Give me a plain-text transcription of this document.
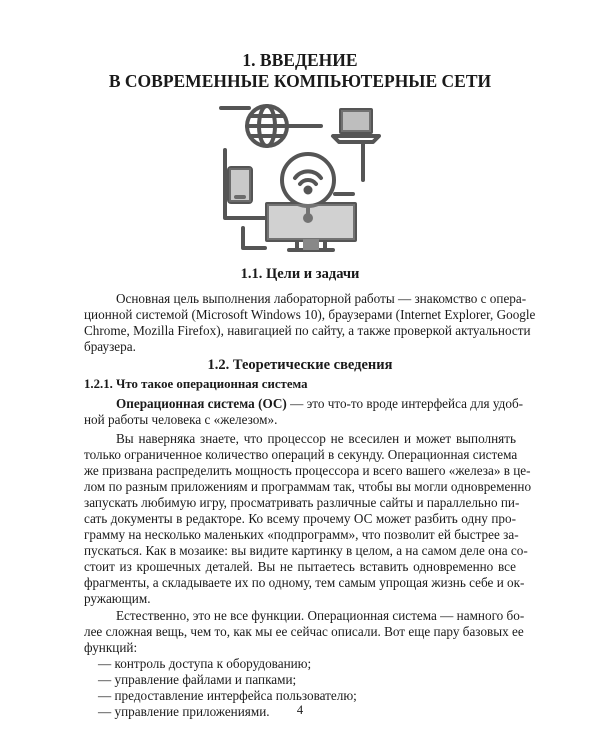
1. ВВЕДЕНИЕ
В СОВРЕМЕННЫЕ КОМПЬЮТЕРНЫЕ СЕТИ
1.1. Цели и задачи
Основная цель выполнения лабораторной работы — знакомство с опера-
ционной системой (Microsoft Windows 10), браузерами (Internet Explorer, Google
Chrome, Mozilla Firefox), навигацией по сайту, а также проверкой актуальности
браузера.
1.2. Теоретические сведения
1.2.1. Что такое операционная система
Операционная система (ОС) — это что-то вроде интерфейса для удоб-
ной работы человека с «железом».
Вы наверняка знаете, что процессор не всесилен и может выполнять
только ограниченное количество операций в секунду. Операционная система
же призвана распределить мощность процессора и всего вашего «железа» в це-
лом по разным приложениям и программам так, чтобы вы могли одновременно
запускать любимую игру, просматривать различные сайты и параллельно пи-
сать документы в редакторе. Ко всему прочему ОС может разбить одну про-
грамму на несколько маленьких «подпрограмм», что позволит ей быстрее за-
пускаться. Как в мозаике: вы видите картинку в целом, а на самом деле она со-
стоит из крошечных деталей. Вы не пытаетесь вставить одновременно все
фрагменты, а складываете их по одному, тем самым упрощая жизнь себе и ок-
ружающим.
Естественно, это не все функции. Операционная система — намного бо-
лее сложная вещь, чем то, как мы ее сейчас описали. Вот еще пару базовых ее
функций:
— контроль доступа к оборудованию;
— управление файлами и папками;
— предоставление интерфейса пользователю;
— управление приложениями.	4
